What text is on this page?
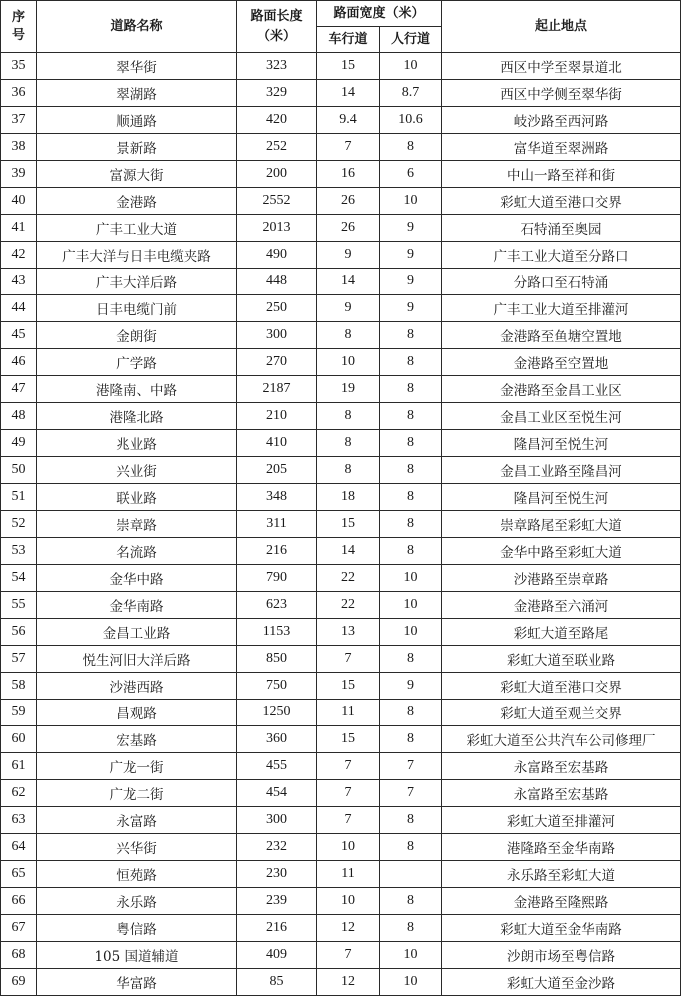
序号	道路名称	路面长度（米）	路面宽度（米）		起止地点
			车行道	人行道	
35	翠华街	323	15	10	西区中学至翠景道北
36	翠湖路	329	14	8.7	西区中学侧至翠华街
37	顺通路	420	9.4	10.6	岐沙路至西河路
38	景新路	252	7	8	富华道至翠洲路
39	富源大街	200	16	6	中山一路至祥和街
40	金港路	2552	26	10	彩虹大道至港口交界
41	广丰工业大道	2013	26	9	石特涌至奥园
42	广丰大洋与日丰电缆夹路	490	9	9	广丰工业大道至分路口
43	广丰大洋后路	448	14	9	分路口至石特涌
44	日丰电缆门前	250	9	9	广丰工业大道至排灌河
45	金朗街	300	8	8	金港路至鱼塘空置地
46	广学路	270	10	8	金港路至空置地
47	港隆南、中路	2187	19	8	金港路至金昌工业区
48	港隆北路	210	8	8	金昌工业区至悦生河
49	兆业路	410	8	8	隆昌河至悦生河
50	兴业街	205	8	8	金昌工业路至隆昌河
51	联业路	348	18	8	隆昌河至悦生河
52	崇章路	311	15	8	崇章路尾至彩虹大道
53	名流路	216	14	8	金华中路至彩虹大道
54	金华中路	790	22	10	沙港路至崇章路
55	金华南路	623	22	10	金港路至六涌河
56	金昌工业路	1153	13	10	彩虹大道至路尾
57	悦生河旧大洋后路	850	7	8	彩虹大道至联业路
58	沙港西路	750	15	9	彩虹大道至港口交界
59	昌观路	1250	11	8	彩虹大道至观兰交界
60	宏基路	360	15	8	彩虹大道至公共汽车公司修理厂
61	广龙一街	455	7	7	永富路至宏基路
62	广龙二街	454	7	7	永富路至宏基路
63	永富路	300	7	8	彩虹大道至排灌河
64	兴华街	232	10	8	港隆路至金华南路
65	恒苑路	230	11		永乐路至彩虹大道
66	永乐路	239	10	8	金港路至隆熙路
67	粤信路	216	12	8	彩虹大道至金华南路
68	105 国道辅道	409	7	10	沙朗市场至粤信路
69	华富路	85	12	10	彩虹大道至金沙路
